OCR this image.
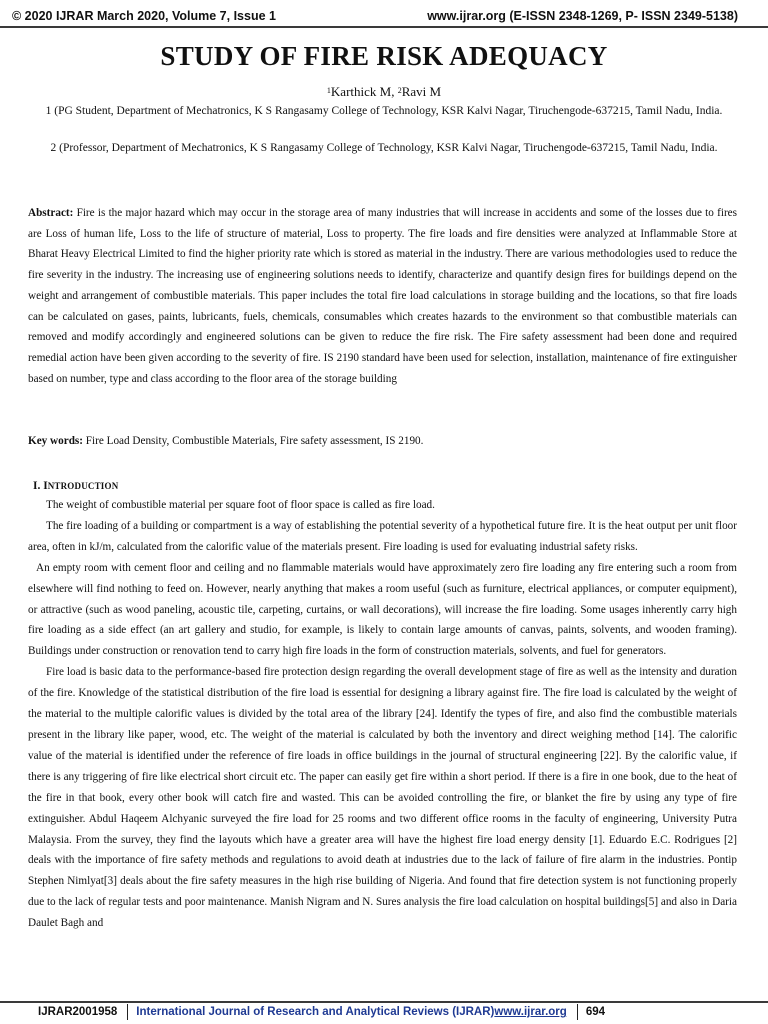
© 2020 IJRAR March 2020, Volume 7, Issue 1	www.ijrar.org (E-ISSN 2348-1269, P- ISSN 2349-5138)
STUDY OF FIRE RISK ADEQUACY
$^1$Karthick M, $^2$Ravi M
1 (PG Student, Department of Mechatronics, K S Rangasamy College of Technology, KSR Kalvi Nagar, Tiruchengode-637215, Tamil Nadu, India.
2 (Professor, Department of Mechatronics, K S Rangasamy College of Technology, KSR Kalvi Nagar, Tiruchengode-637215, Tamil Nadu, India.
Abstract: Fire is the major hazard which may occur in the storage area of many industries that will increase in accidents and some of the losses due to fires are Loss of human life, Loss to the life of structure of material, Loss to property. The fire loads and fire densities were analyzed at Inflammable Store at Bharat Heavy Electrical Limited to find the higher priority rate which is stored as material in the industry. There are various methodologies used to reduce the fire severity in the industry. The increasing use of engineering solutions needs to identify, characterize and quantify design fires for buildings depend on the weight and arrangement of combustible materials. This paper includes the total fire load calculations in storage building and the locations, so that fire loads can be calculated on gases, paints, lubricants, fuels, chemicals, consumables which creates hazards to the environment so that combustible materials can removed and modify accordingly and engineered solutions can be given to reduce the fire risk. The Fire safety assessment had been done and required remedial action have been given according to the severity of fire. IS 2190 standard have been used for selection, installation, maintenance of fire extinguisher based on number, type and class according to the floor area of the storage building
Key words: Fire Load Density, Combustible Materials, Fire safety assessment, IS 2190.
I. INTRODUCTION

The weight of combustible material per square foot of floor space is called as fire load.

The fire loading of a building or compartment is a way of establishing the potential severity of a hypothetical future fire. It is the heat output per unit floor area, often in kJ/m, calculated from the calorific value of the materials present. Fire loading is used for evaluating industrial safety risks.

An empty room with cement floor and ceiling and no flammable materials would have approximately zero fire loading any fire entering such a room from elsewhere will find nothing to feed on. However, nearly anything that makes a room useful (such as furniture, electrical appliances, or computer equipment), or attractive (such as wood paneling, acoustic tile, carpeting, curtains, or wall decorations), will increase the fire loading. Some usages inherently carry high fire loading as a side effect (an art gallery and studio, for example, is likely to contain large amounts of canvas, paints, solvents, and wooden framing). Buildings under construction or renovation tend to carry high fire loads in the form of construction materials, solvents, and fuel for generators.

Fire load is basic data to the performance-based fire protection design regarding the overall development stage of fire as well as the intensity and duration of the fire. Knowledge of the statistical distribution of the fire load is essential for designing a library against fire. The fire load is calculated by the weight of the material to the multiple calorific values is divided by the total area of the library [24]. Identify the types of fire, and also find the combustible materials present in the library like paper, wood, etc. The weight of the material is calculated by both the inventory and direct weighing method [14]. The calorific value of the material is identified under the reference of fire loads in office buildings in the journal of structural engineering [22]. By the calorific value, if there is any triggering of fire like electrical short circuit etc. The paper can easily get fire within a short period. If there is a fire in one book, due to the heat of the fire in that book, every other book will catch fire and wasted. This can be avoided controlling the fire, or blanket the fire by using any type of fire extinguisher. Abdul Haqeem Alchyanic surveyed the fire load for 25 rooms and two different office rooms in the faculty of engineering, University Putra Malaysia. From the survey, they find the layouts which have a greater area will have the highest fire load energy density [1]. Eduardo E.C. Rodrigues [2] deals with the importance of fire safety methods and regulations to avoid death at industries due to the lack of failure of fire alarm in the industries. Pontip Stephen Nimlyat[3] deals about the fire safety measures in the high rise building of Nigeria. And found that fire detection system is not functioning properly due to the lack of regular tests and poor maintenance. Manish Nigram and N. Sures analysis the fire load calculation on hospital buildings[5] and also in Daria Daulet Bagh and

IJRAR2001958 International Journal of Research and Analytical Reviews (IJRAR)www.ijrar.org 694
